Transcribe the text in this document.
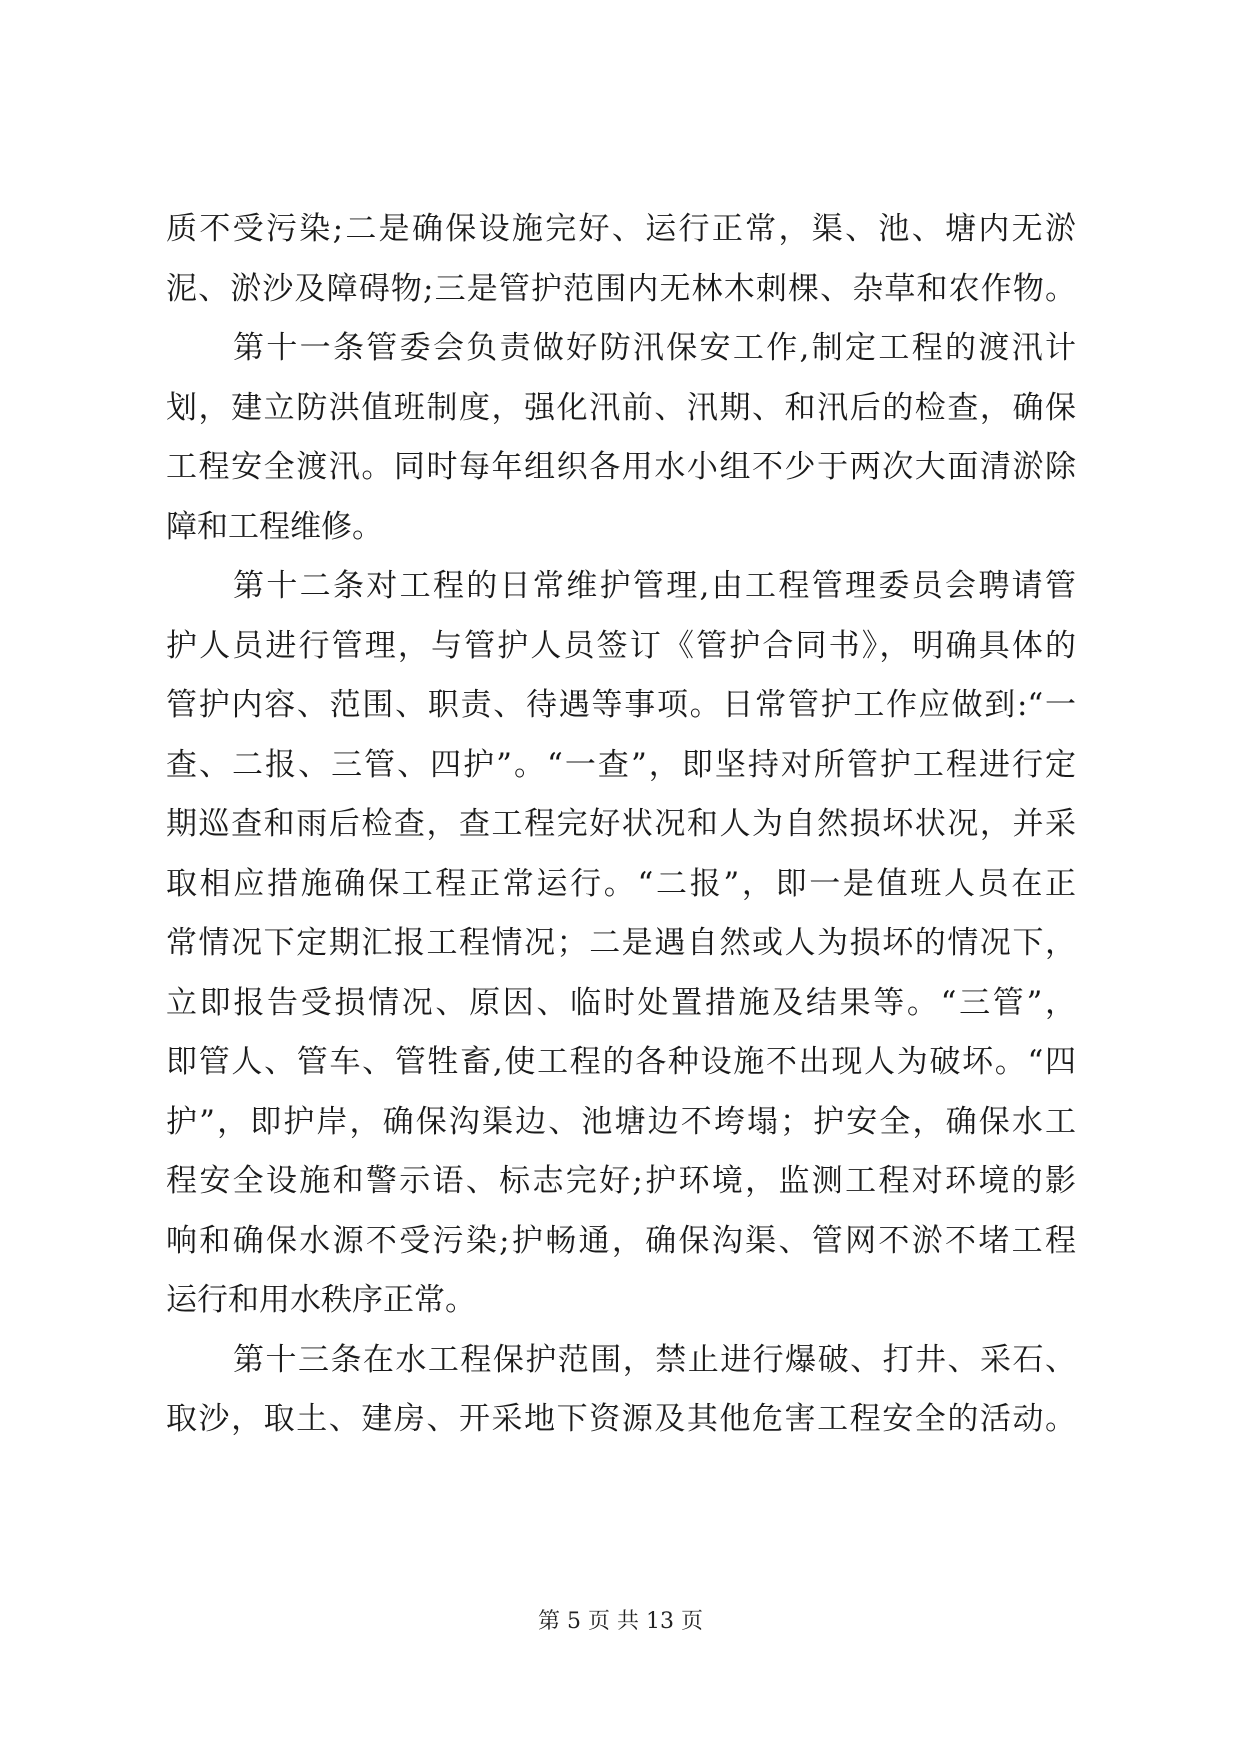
质不受污染;二是确保设施完好、运行正常，渠、池、塘内无淤
泥、淤沙及障碍物;三是管护范围内无林木刺棵、杂草和农作物。
第十一条管委会负责做好防汛保安工作,制定工程的渡汛计
划，建立防洪值班制度，强化汛前、汛期、和汛后的检查，确保
工程安全渡汛。同时每年组织各用水小组不少于两次大面清淤除
障和工程维修。
第十二条对工程的日常维护管理,由工程管理委员会聘请管
护人员进行管理，与管护人员签订《管护合同书》，明确具体的
管护内容、范围、职责、待遇等事项。日常管护工作应做到:“一
查、二报、三管、四护”。“一查”，即坚持对所管护工程进行定
期巡查和雨后检查，查工程完好状况和人为自然损坏状况，并采
取相应措施确保工程正常运行。“二报”，即一是值班人员在正
常情况下定期汇报工程情况；二是遇自然或人为损坏的情况下，
立即报告受损情况、原因、临时处置措施及结果等。“三管”，
即管人、管车、管牲畜,使工程的各种设施不出现人为破坏。“四
护”，即护岸，确保沟渠边、池塘边不垮塌；护安全，确保水工
程安全设施和警示语、标志完好;护环境，监测工程对环境的影
响和确保水源不受污染;护畅通，确保沟渠、管网不淤不堵工程
运行和用水秩序正常。
第十三条在水工程保护范围，禁止进行爆破、打井、采石、
取沙，取土、建房、开采地下资源及其他危害工程安全的活动。
第 5 页 共 13 页
